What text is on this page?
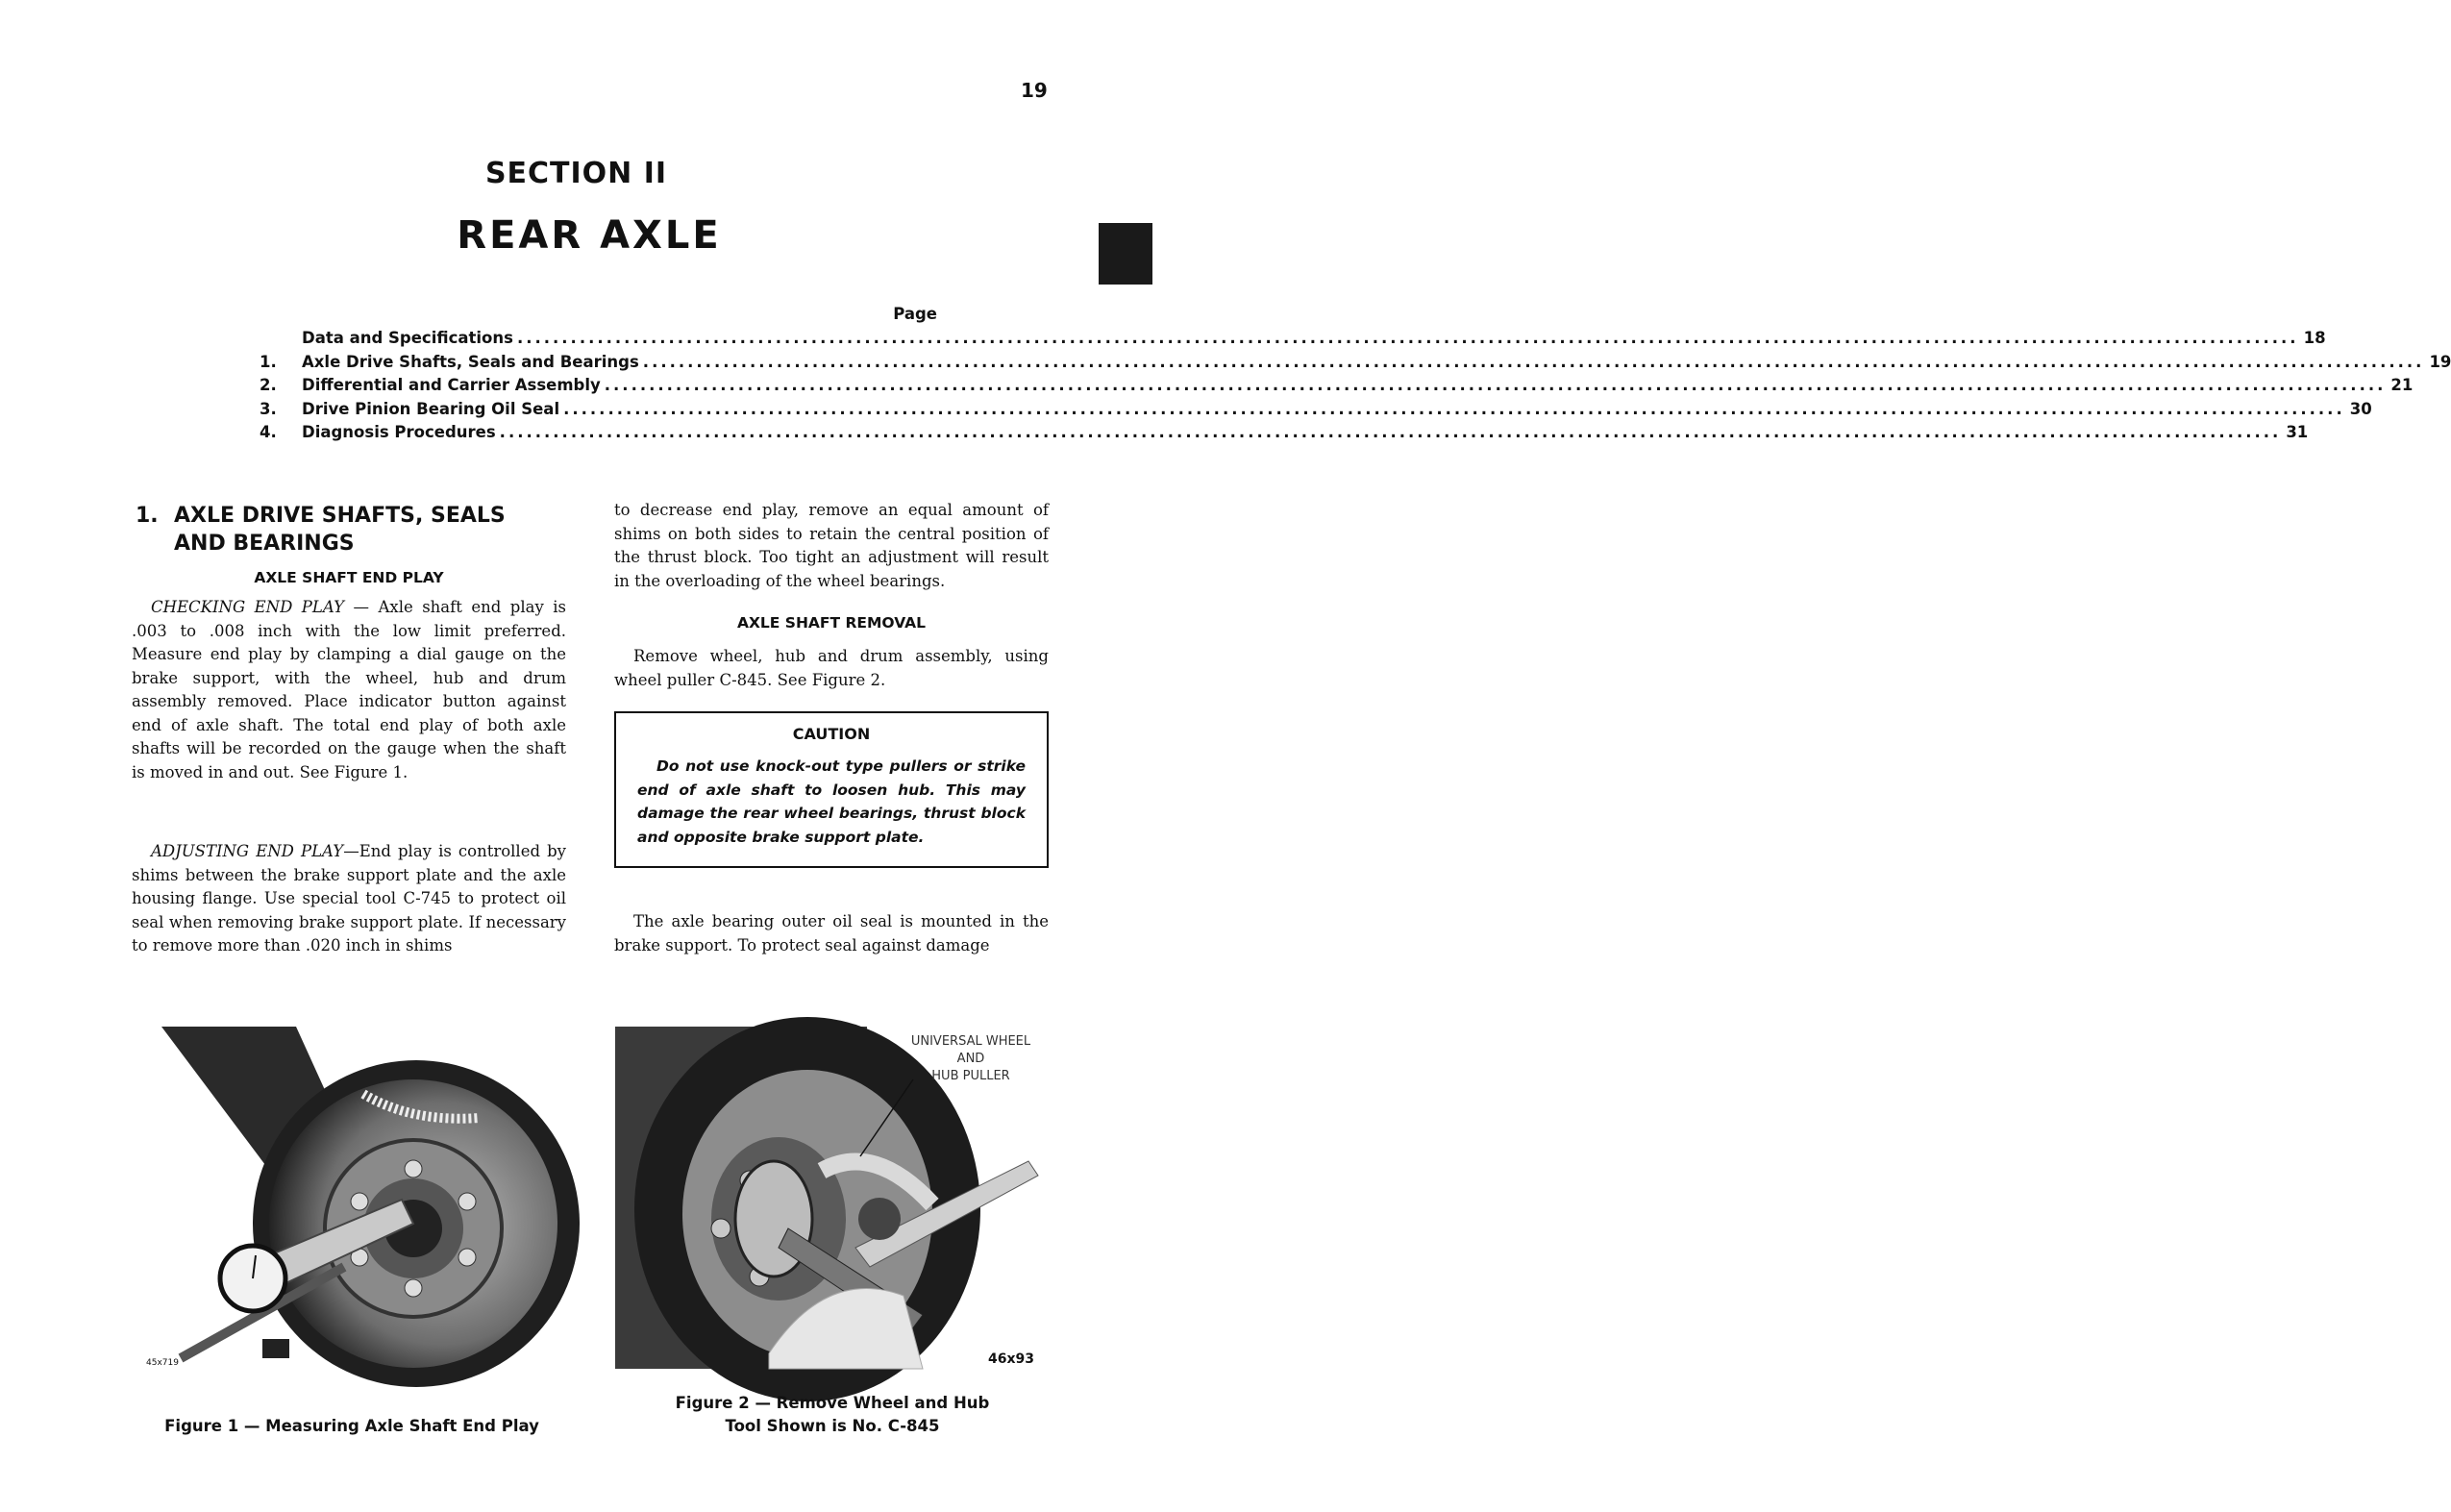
19
SECTION II
REAR AXLE
Page
Data and Specifications ........................................................................................................................................................................................................ 18
1.	Axle Drive Shafts, Seals and Bearings ........................................................................................................................................................................................................ 19
2.	Differential and Carrier Assembly ........................................................................................................................................................................................................ 21
3.	Drive Pinion Bearing Oil Seal ........................................................................................................................................................................................................ 30
4.	Diagnosis Procedures ........................................................................................................................................................................................................ 31
1. AXLE DRIVE SHAFTS, SEALS
AND BEARINGS
AXLE SHAFT END PLAY

CHECKING END PLAY — Axle shaft end play is .003 to .008 inch with the low limit preferred. Measure end play by clamping a dial gauge on the brake support, with the wheel, hub and drum assembly removed. Place indicator button against end of axle shaft. The total end play of both axle shafts will be recorded on the gauge when the shaft is moved in and out. See Figure 1.

ADJUSTING END PLAY—End play is controlled by shims between the brake support plate and the axle housing flange. Use special tool C-745 to protect oil seal when removing brake support plate. If necessary to remove more than .020 inch in shims

to decrease end play, remove an equal amount of shims on both sides to retain the central position of the thrust block. Too tight an adjustment will result in the overloading of the wheel bearings.

AXLE SHAFT REMOVAL

Remove wheel, hub and drum assembly, using wheel puller C-845. See Figure 2.

CAUTION
Do not use knock-out type pullers or strike end of axle shaft to loosen hub. This may damage the rear wheel bearings, thrust block and opposite brake support plate.

The axle bearing outer oil seal is mounted in the brake support. To protect seal against damage

45x719
UNIVERSAL WHEEL
AND
HUB PULLER
46x93
Figure 1 — Measuring Axle Shaft End Play
Figure 2 — Remove Wheel and Hub
Tool Shown is No. C-845
